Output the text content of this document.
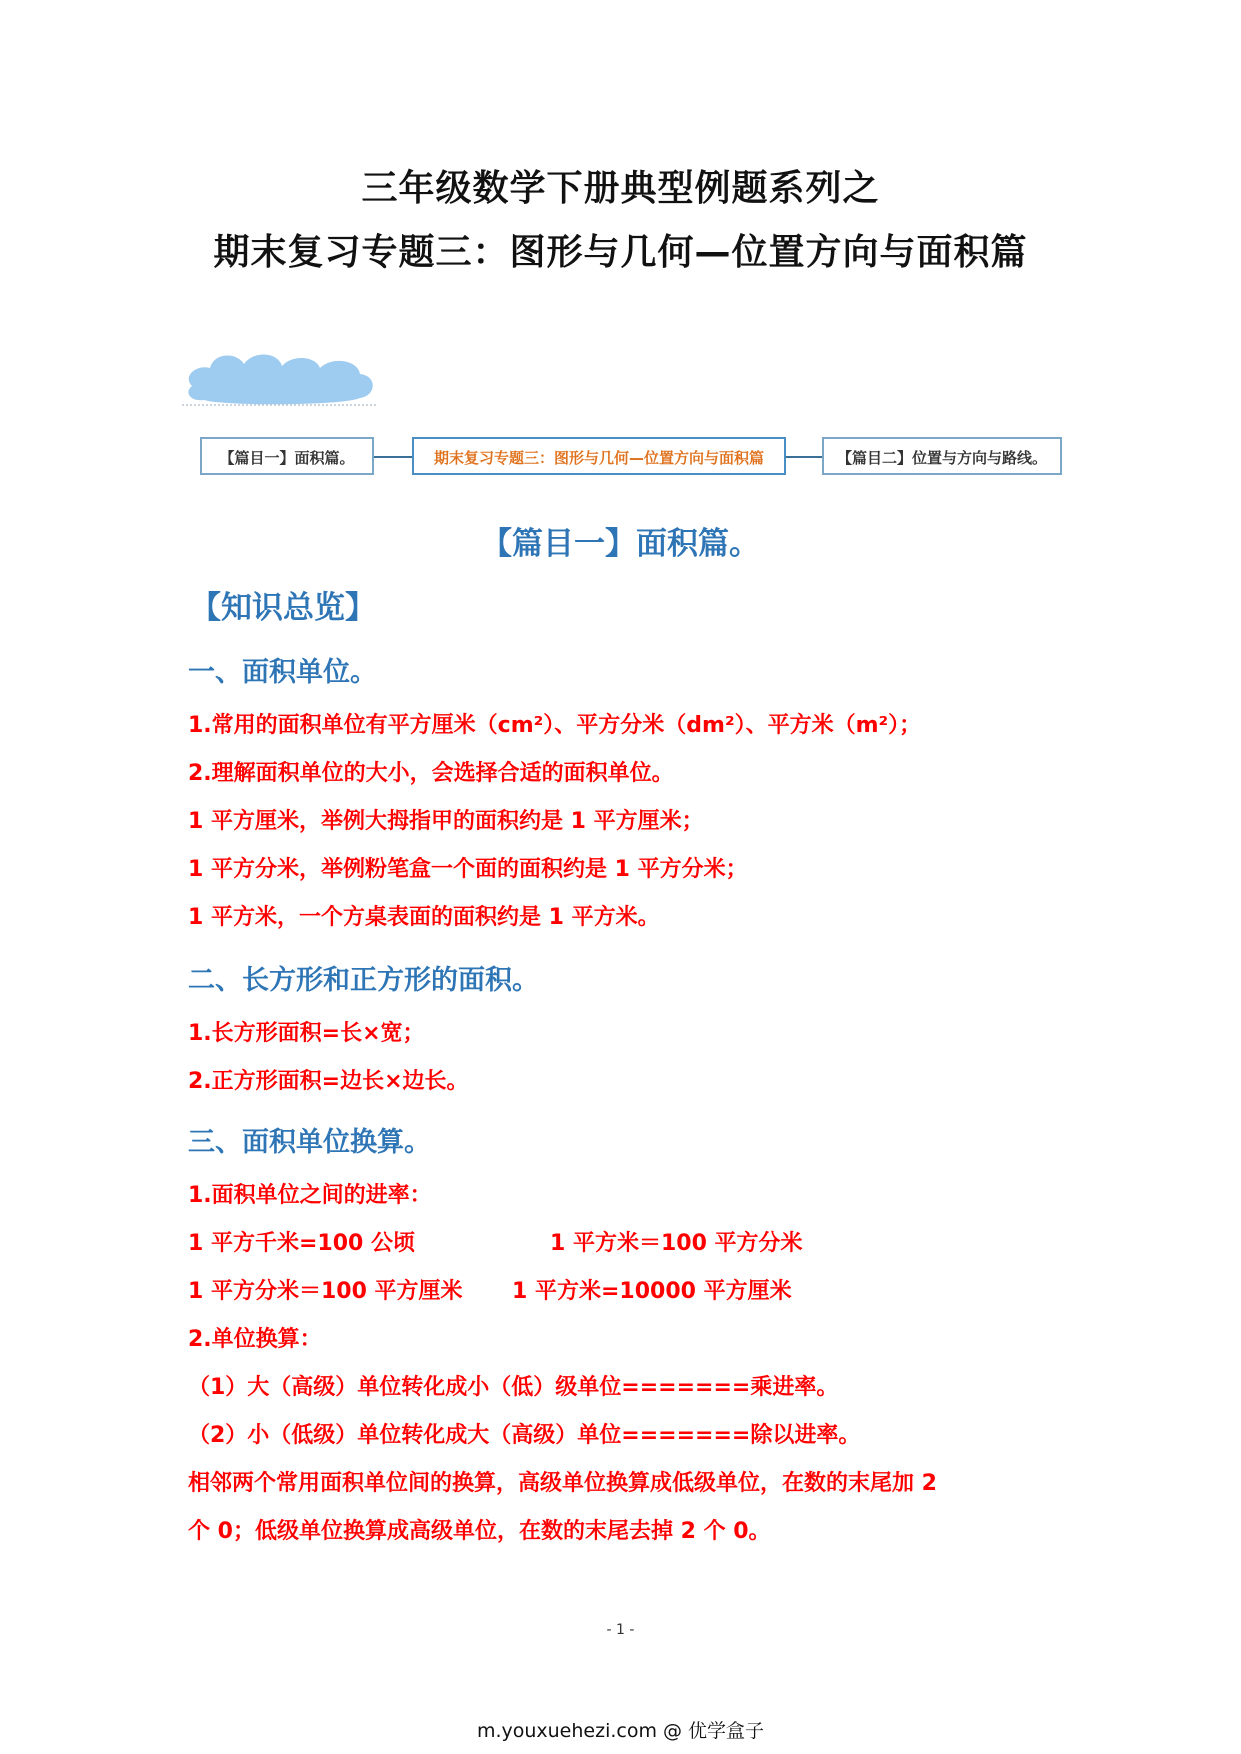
三年级数学下册典型例题系列之
期末复习专题三：图形与几何—位置方向与面积篇
【篇目一】面积篇。	期末复习专题三：图形与几何—位置方向与面积篇	【篇目二】位置与方向与路线。
【篇目一】面积篇。
【知识总览】
一、面积单位。
1.常用的面积单位有平方厘米（cm²）、平方分米（dm²）、平方米（m²）；
2.理解面积单位的大小，会选择合适的面积单位。
1 平方厘米，举例大拇指甲的面积约是 1 平方厘米；
1 平方分米，举例粉笔盒一个面的面积约是 1 平方分米；
1 平方米，一个方桌表面的面积约是 1 平方米。
二、长方形和正方形的面积。
1.长方形面积=长×宽；
2.正方形面积=边长×边长。
三、面积单位换算。
1.面积单位之间的进率：
1 平方千米=100 公顷	1 平方米＝100 平方分米
1 平方分米＝100 平方厘米 1 平方米=10000 平方厘米
2.单位换算：
（1）大（高级）单位转化成小（低）级单位=======乘进率。
（2）小（低级）单位转化成大（高级）单位=======除以进率。
相邻两个常用面积单位间的换算，高级单位换算成低级单位，在数的末尾加 2
个 0；低级单位换算成高级单位，在数的末尾去掉 2 个 0。
- 1 -
m.youxuehezi.com @ 优学盒子
